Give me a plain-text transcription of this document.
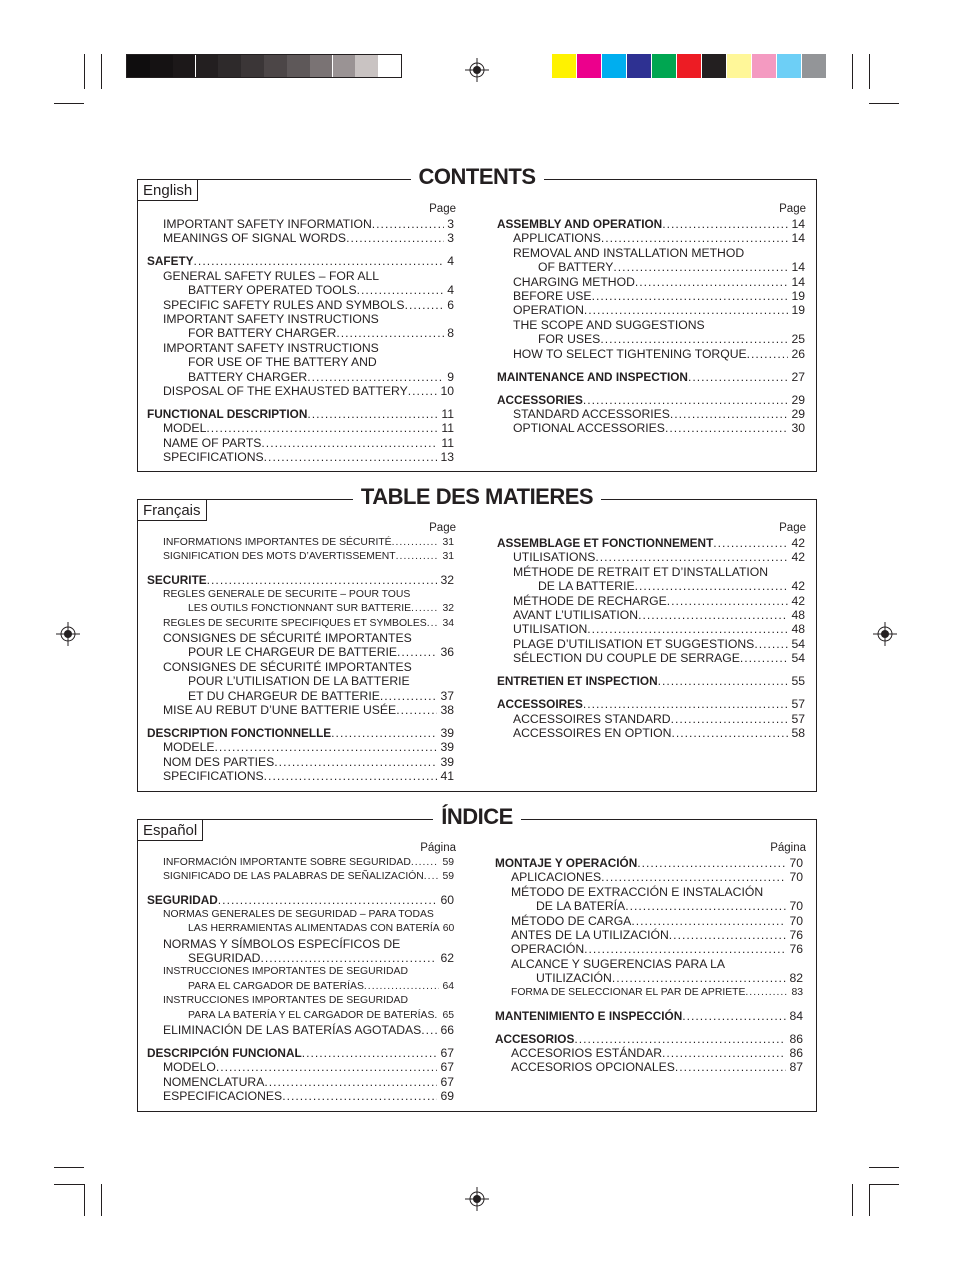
CONTENTS
English
Page	Page
IMPORTANT SAFETY INFORMATION .....	3
MEANINGS OF SIGNAL WORDS .....	3
SAFETY .....	4
GENERAL SAFETY RULES – FOR ALL
BATTERY OPERATED TOOLS .....	4
SPECIFIC SAFETY RULES AND SYMBOLS .....	6
IMPORTANT SAFETY INSTRUCTIONS
FOR BATTERY CHARGER .....	8
IMPORTANT SAFETY INSTRUCTIONS
FOR USE OF THE BATTERY AND
BATTERY CHARGER .....	9
DISPOSAL OF THE EXHAUSTED BATTERY .....	10
FUNCTIONAL DESCRIPTION .....	11
MODEL .....	11
NAME OF PARTS .....	11
SPECIFICATIONS .....	13
ASSEMBLY AND OPERATION .....	14
APPLICATIONS .....	14
REMOVAL AND INSTALLATION METHOD
OF BATTERY .....	14
CHARGING METHOD .....	14
BEFORE USE .....	19
OPERATION .....	19
THE SCOPE AND SUGGESTIONS
FOR USES .....	25
HOW TO SELECT TIGHTENING TORQUE .....	26
MAINTENANCE AND INSPECTION .....	27
ACCESSORIES .....	29
STANDARD ACCESSORIES .....	29
OPTIONAL ACCESSORIES .....	30
TABLE DES MATIERES
Français
Page	Page
INFORMATIONS IMPORTANTES DE SÉCURITÉ .....	31
SIGNIFICATION DES MOTS D’AVERTISSEMENT .....	31
SECURITE .....	32
REGLES GENERALE DE SECURITE – POUR TOUS
LES OUTILS FONCTIONNANT SUR BATTERIE .....	32
REGLES DE SECURITE SPECIFIQUES ET SYMBOLES ..... 34
CONSIGNES DE SÉCURITÉ IMPORTANTES
POUR LE CHARGEUR DE BATTERIE .....	36
CONSIGNES DE SÉCURITÉ IMPORTANTES
POUR L’UTILISATION DE LA BATTERIE
ET DU CHARGEUR DE BATTERIE .....	37
MISE AU REBUT D’UNE BATTERIE USÉE .....	38
DESCRIPTION FONCTIONNELLE .....	39
MODELE .....	39
NOM DES PARTIES .....	39
SPECIFICATIONS .....	41
ASSEMBLAGE ET FONCTIONNEMENT .....	42
UTILISATIONS .....	42
MÉTHODE DE RETRAIT ET D’INSTALLATION
DE LA BATTERIE .....	42
MÉTHODE DE RECHARGE .....	42
AVANT L’UTILISATION .....	48
UTILISATION .....	48
PLAGE D’UTILISATION ET SUGGESTIONS .....	54
SÉLECTION DU COUPLE DE SERRAGE .....	54
ENTRETIEN ET INSPECTION .....	55
ACCESSOIRES .....	57
ACCESSOIRES STANDARD .....	57
ACCESSOIRES EN OPTION .....	58
ÍNDICE
Español
Página	Página
INFORMACIÓN IMPORTANTE SOBRE SEGURIDAD .....	59
SIGNIFICADO DE LAS PALABRAS DE SEÑALIZACIÓN ..... 59
SEGURIDAD .....	60
NORMAS GENERALES DE SEGURIDAD – PARA TODAS
LAS HERRAMIENTAS ALIMENTADAS CON BATERÍA 60
NORMAS Y SÍMBOLOS ESPECÍFICOS DE
SEGURIDAD .....	62
INSTRUCCIONES IMPORTANTES DE SEGURIDAD
PARA EL CARGADOR DE BATERÍAS .....	64
INSTRUCCIONES IMPORTANTES DE SEGURIDAD
PARA LA BATERÍA Y EL CARGADOR DE BATERÍAS ..... 65
ELIMINACIÓN DE LAS BATERÍAS AGOTADAS ..... 66
DESCRIPCIÓN FUNCIONAL .....	67
MODELO .....	67
NOMENCLATURA .....	67
ESPECIFICACIONES .....	69
MONTAJE Y OPERACIÓN .....	70
APLICACIONES .....	70
MÉTODO DE EXTRACCIÓN E INSTALACIÓN
DE LA BATERÍA .....	70
MÉTODO DE CARGA .....	70
ANTES DE LA UTILIZACIÓN .....	76
OPERACIÓN .....	76
ALCANCE Y SUGERENCIAS PARA LA
UTILIZACIÓN .....	82
FORMA DE SELECCIONAR EL PAR DE APRIETE .....	83
MANTENIMIENTO E INSPECCIÓN .....	84
ACCESORIOS .....	86
ACCESORIOS ESTÁNDAR .....	86
ACCESORIOS OPCIONALES .....	87
